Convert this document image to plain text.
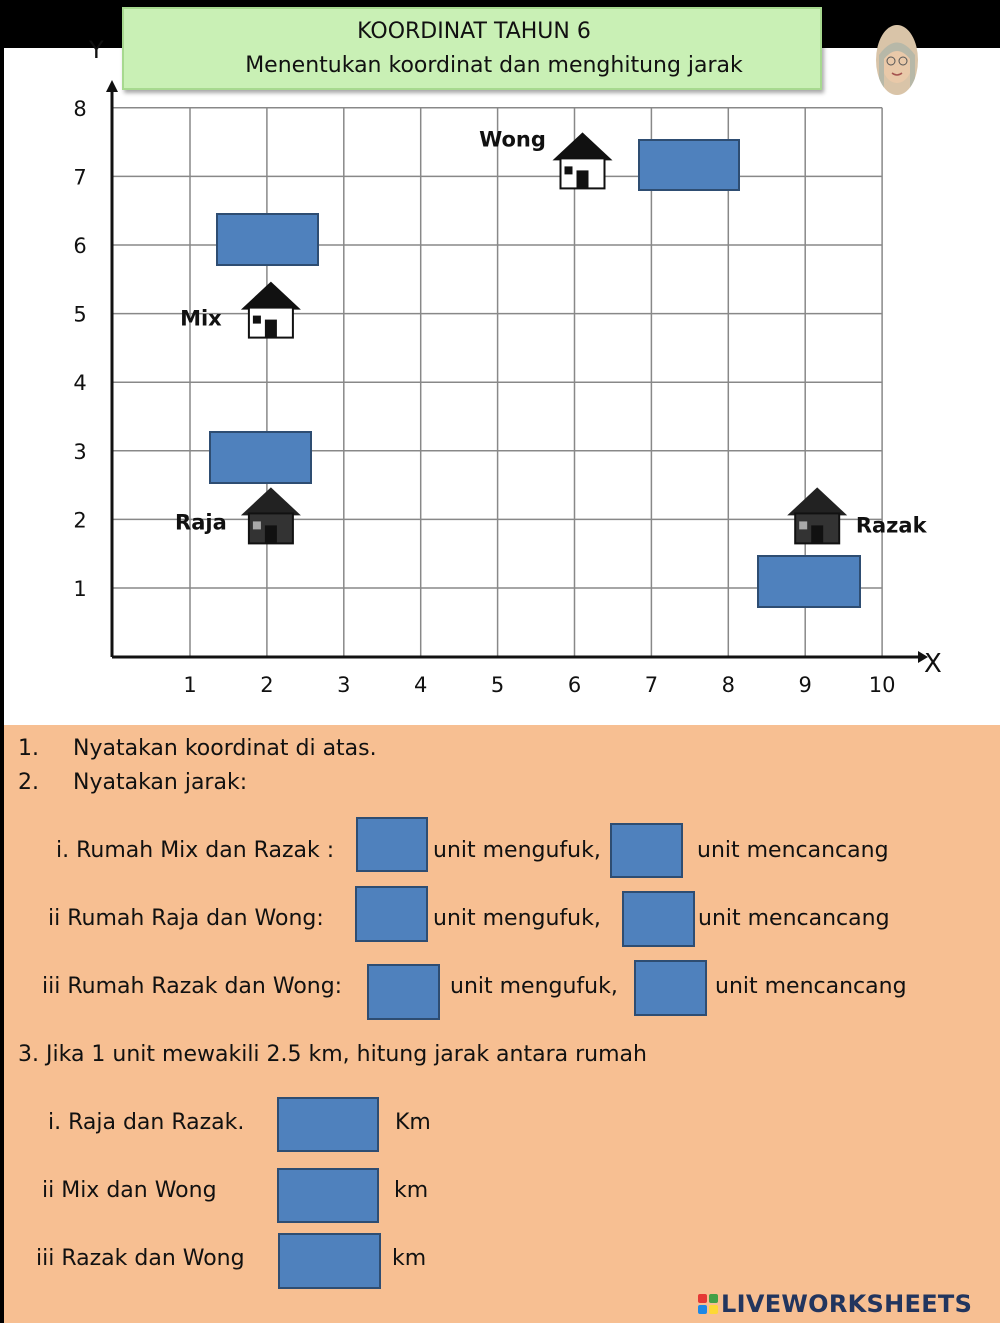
KOORDINAT TAHUN 6
Menentukan koordinat dan menghitung jarak
X
Y
1	2	3	4	5	6	7	8	9	10
1
2
3
4
5
6
7
8
Wong
Mix
Raja	Razak
1. Nyatakan koordinat di atas.
2. Nyatakan jarak:
i. Rumah Mix dan Razak :	unit mengufuk,	unit mencancang
ii Rumah Raja dan Wong:	unit mengufuk,	unit mencancang
iii Rumah Razak dan Wong:	unit mengufuk,	unit mencancang
3. Jika 1 unit mewakili 2.5 km, hitung jarak antara rumah
i. Raja dan Razak.	Km
ii Mix dan Wong	km
iii Razak dan Wong	km
LIVEWORKSHEETS
